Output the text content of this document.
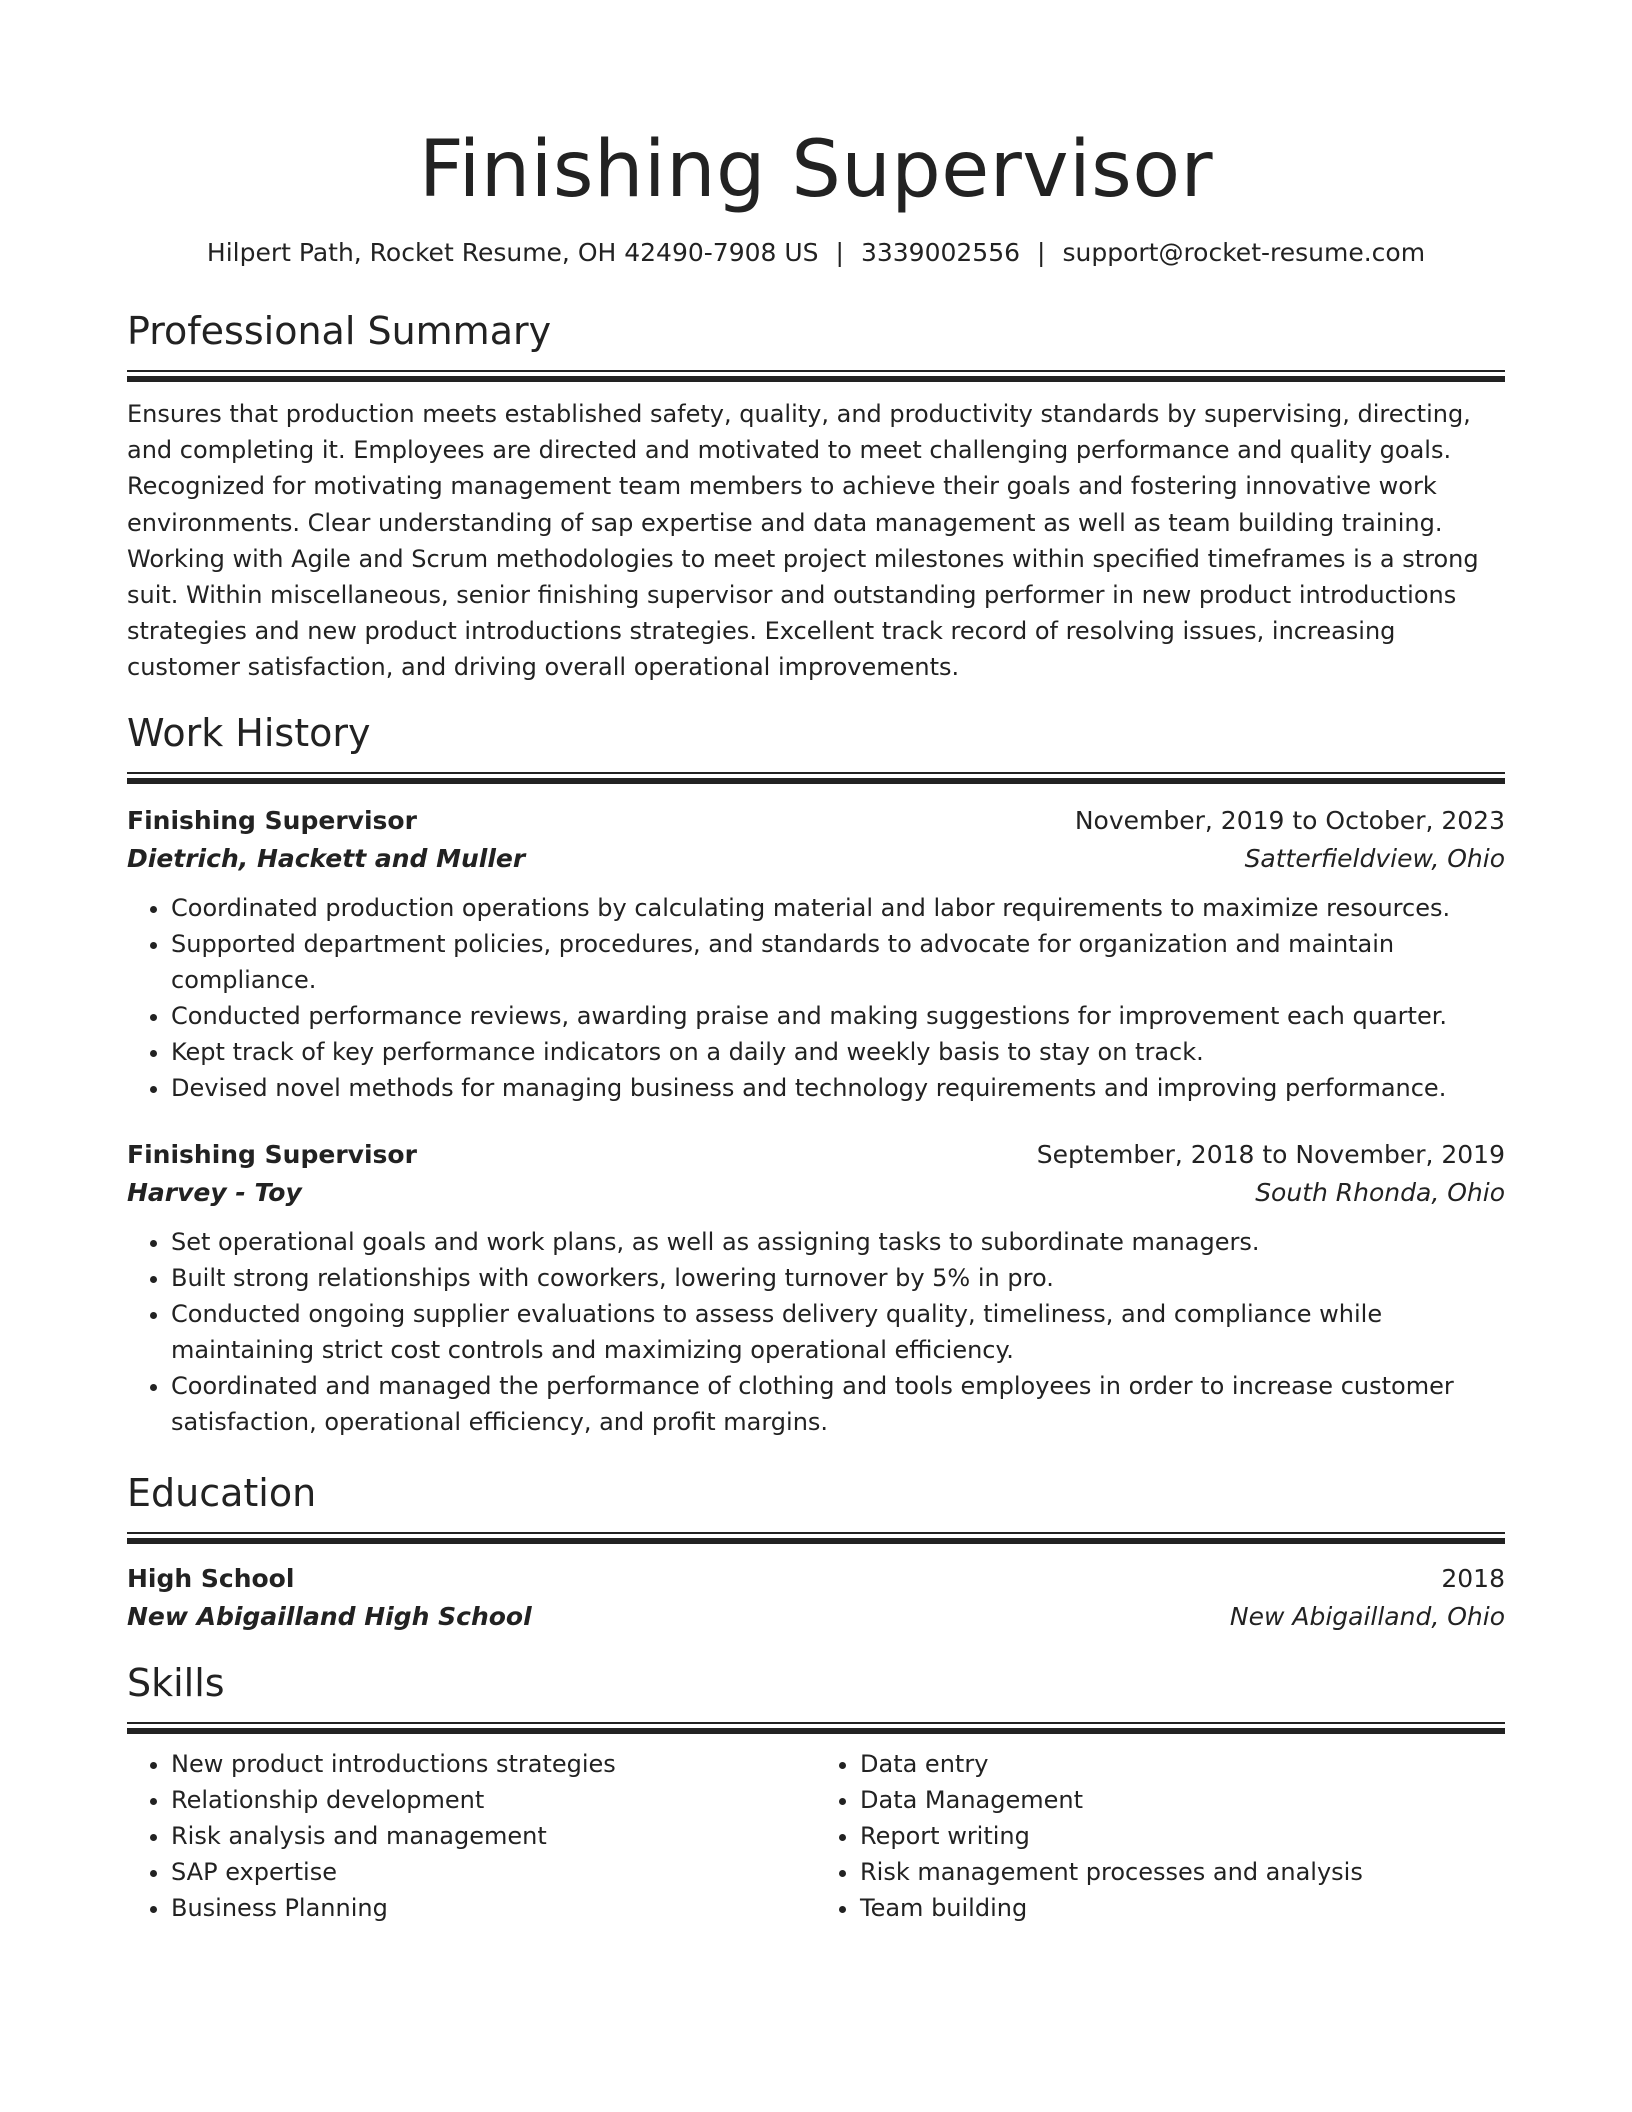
Finishing Supervisor
Hilpert Path, Rocket Resume, OH 42490-7908 US | 3339002556 | support@rocket-resume.com
Professional Summary

Ensures that production meets established safety, quality, and productivity standards by supervising, directing, and completing it. Employees are directed and motivated to meet challenging performance and quality goals. Recognized for motivating management team members to achieve their goals and fostering innovative work environments. Clear understanding of sap expertise and data management as well as team building training. Working with Agile and Scrum methodologies to meet project milestones within specified timeframes is a strong suit. Within miscellaneous, senior finishing supervisor and outstanding performer in new product introductions strategies and new product introductions strategies. Excellent track record of resolving issues, increasing customer satisfaction, and driving overall operational improvements.

Work History
Finishing Supervisor	November, 2019 to October, 2023
Dietrich, Hackett and Muller	Satterfieldview, Ohio
• Coordinated production operations by calculating material and labor requirements to maximize resources.
• Supported department policies, procedures, and standards to advocate for organization and maintain compliance.
• Conducted performance reviews, awarding praise and making suggestions for improvement each quarter.
• Kept track of key performance indicators on a daily and weekly basis to stay on track.
• Devised novel methods for managing business and technology requirements and improving performance.
Finishing Supervisor	September, 2018 to November, 2019
Harvey - Toy	South Rhonda, Ohio
• Set operational goals and work plans, as well as assigning tasks to subordinate managers.
• Built strong relationships with coworkers, lowering turnover by 5% in pro.
• Conducted ongoing supplier evaluations to assess delivery quality, timeliness, and compliance while maintaining strict cost controls and maximizing operational efficiency.
• Coordinated and managed the performance of clothing and tools employees in order to increase customer satisfaction, operational efficiency, and profit margins.
Education
High School	2018
New Abigailland High School	New Abigailland, Ohio
Skills
• New product introductions strategies
• Relationship development
• Risk analysis and management
• SAP expertise
• Business Planning
• Data entry
• Data Management
• Report writing
• Risk management processes and analysis
• Team building
